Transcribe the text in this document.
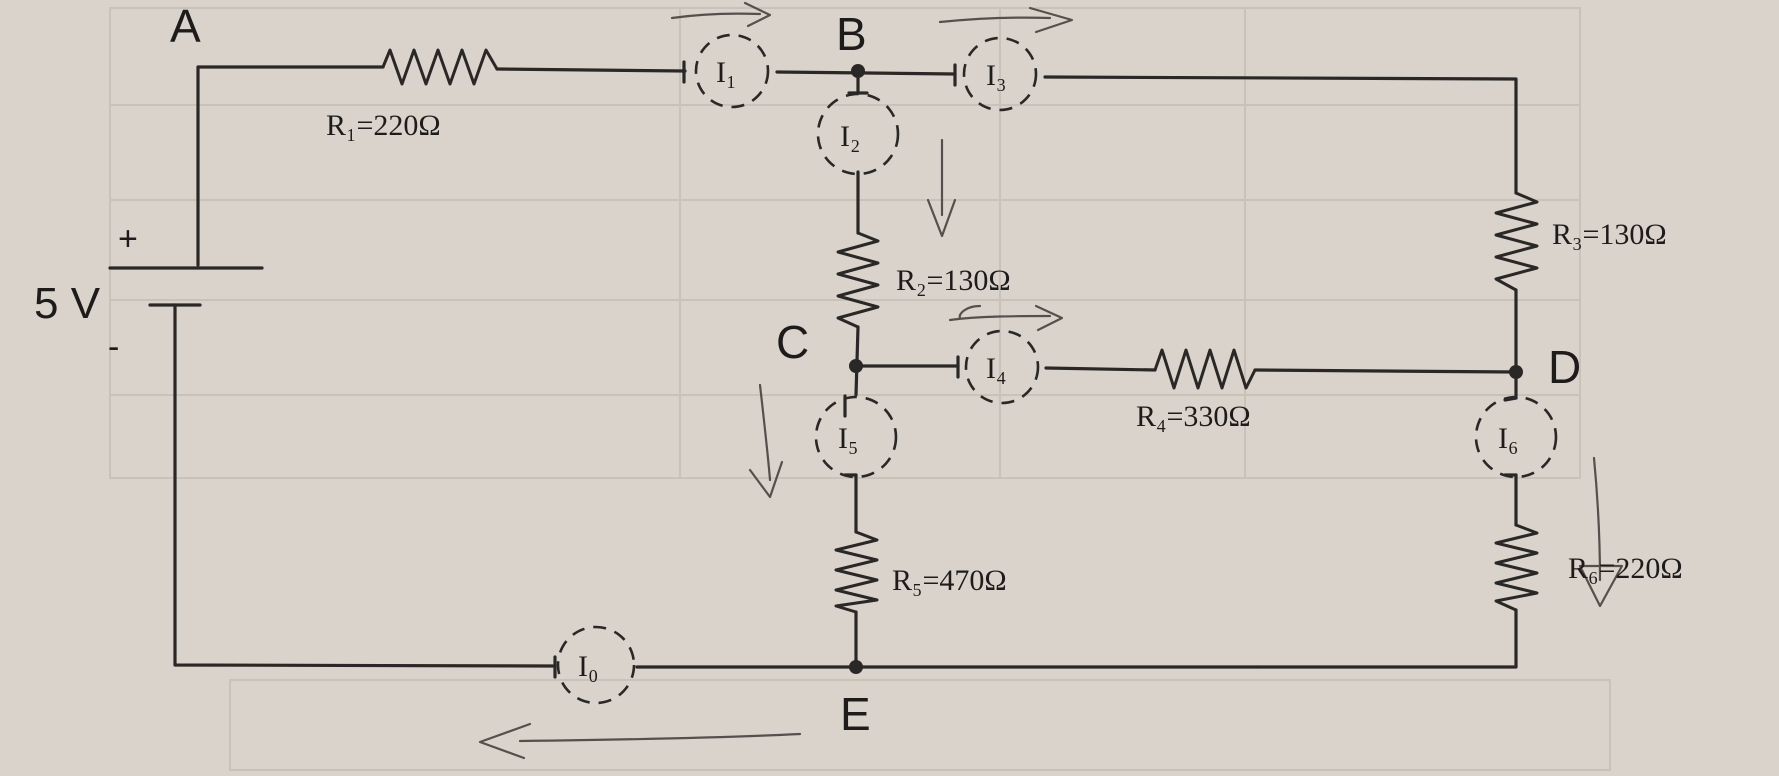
A	B
C	D
E
+
5 V
-
R₁=220Ω
R₂=130Ω
R₃=130Ω
R₄=330Ω
R₅=470Ω	R₆=220Ω
I₁	I₃
I₂
I₄
I₅	I₆
I₀
